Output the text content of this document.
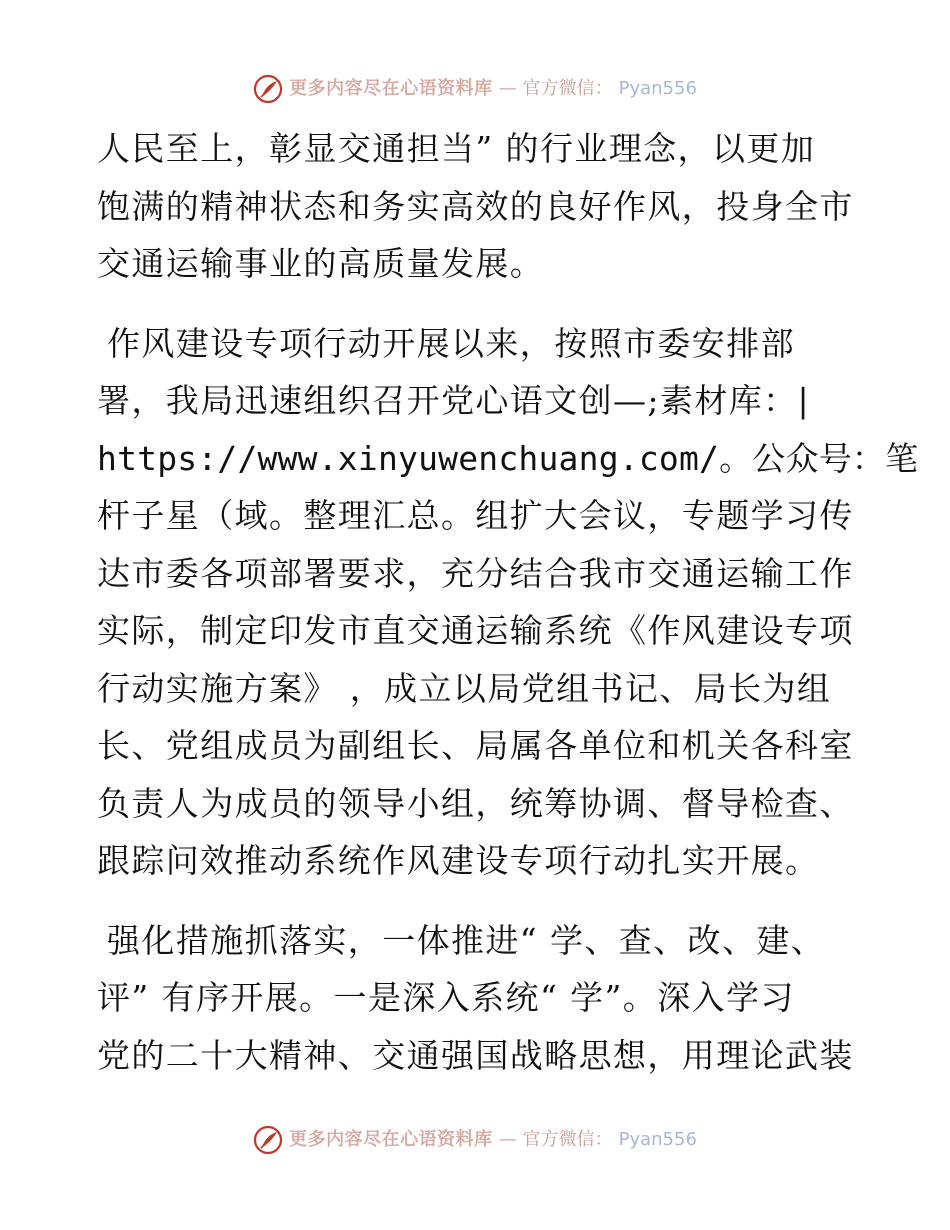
更多内容尽在心语资料库 — 官方微信： Pyan556

人民至上，彰显交通担当” 的行业理念，以更加
饱满的精神状态和务实高效的良好作风，投身全市
交通运输事业的高质量发展。

作风建设专项行动开展以来，按照市委安排部
署，我局迅速组织召开党心语文创—;素材库：|
https://www.xinyuwenchuang.com/。公众号：笔
杆子星（域。整理汇总。组扩大会议，专题学习传
达市委各项部署要求，充分结合我市交通运输工作
实际，制定印发市直交通运输系统《作风建设专项
行动实施方案》 ，成立以局党组书记、局长为组
长、党组成员为副组长、局属各单位和机关各科室
负责人为成员的领导小组，统筹协调、督导检查、
跟踪问效推动系统作风建设专项行动扎实开展。

强化措施抓落实，一体推进“ 学、查、改、建、
评” 有序开展。一是深入系统“ 学”。深入学习
党的二十大精神、交通强国战略思想，用理论武装

更多内容尽在心语资料库 — 官方微信： Pyan556
